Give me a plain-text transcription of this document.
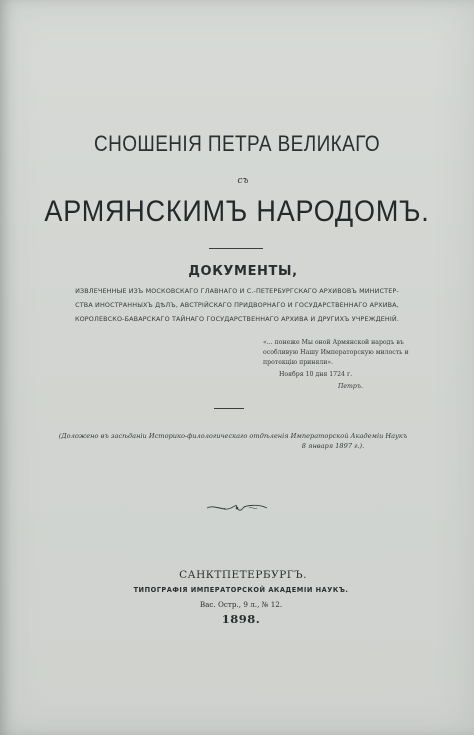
СНОШЕНІЯ ПЕТРА ВЕЛИКАГО
съ
АРМЯНСКИМЪ НАРОДОМЪ.
ДОКУМЕНТЫ,
ИЗВЛЕЧЕННЫЕ ИЗЪ МОСКОВСКАГО ГЛАВНАГО И С.-ПЕТЕРБУРГСКАГО АРХИВОВЪ МИНИСТЕР-
СТВА ИНОСТРАННЫХЪ ДѢЛЪ, АВСТРІЙСКАГО ПРИДВОРНАГО И ГОСУДАРСТВЕННАГО АРХИВА,
КОРОЛЕВСКО-БАВАРСКАГО ТАЙНАГО ГОСУДАРСТВЕННАГО АРХИВА И ДРУГИХЪ УЧРЕЖДЕНІЙ.
«... понеже Мы оной Армянской народъ въ
особливую Нашу Императорскую милость и
протекцію приняли».
Ноября 10 дня 1724 г.
Петръ.
(Доложено въ засѣданіи Историко-филологическаго отдѣленія Императорской Академіи Наукъ
8 января 1897 г.).
САНКТПЕТЕРБУРГЪ.
ТИПОГРАФІЯ ИМПЕРАТОРСКОЙ АКАДЕМІИ НАУКЪ.
Вас. Остр., 9 л., № 12.
1898.
